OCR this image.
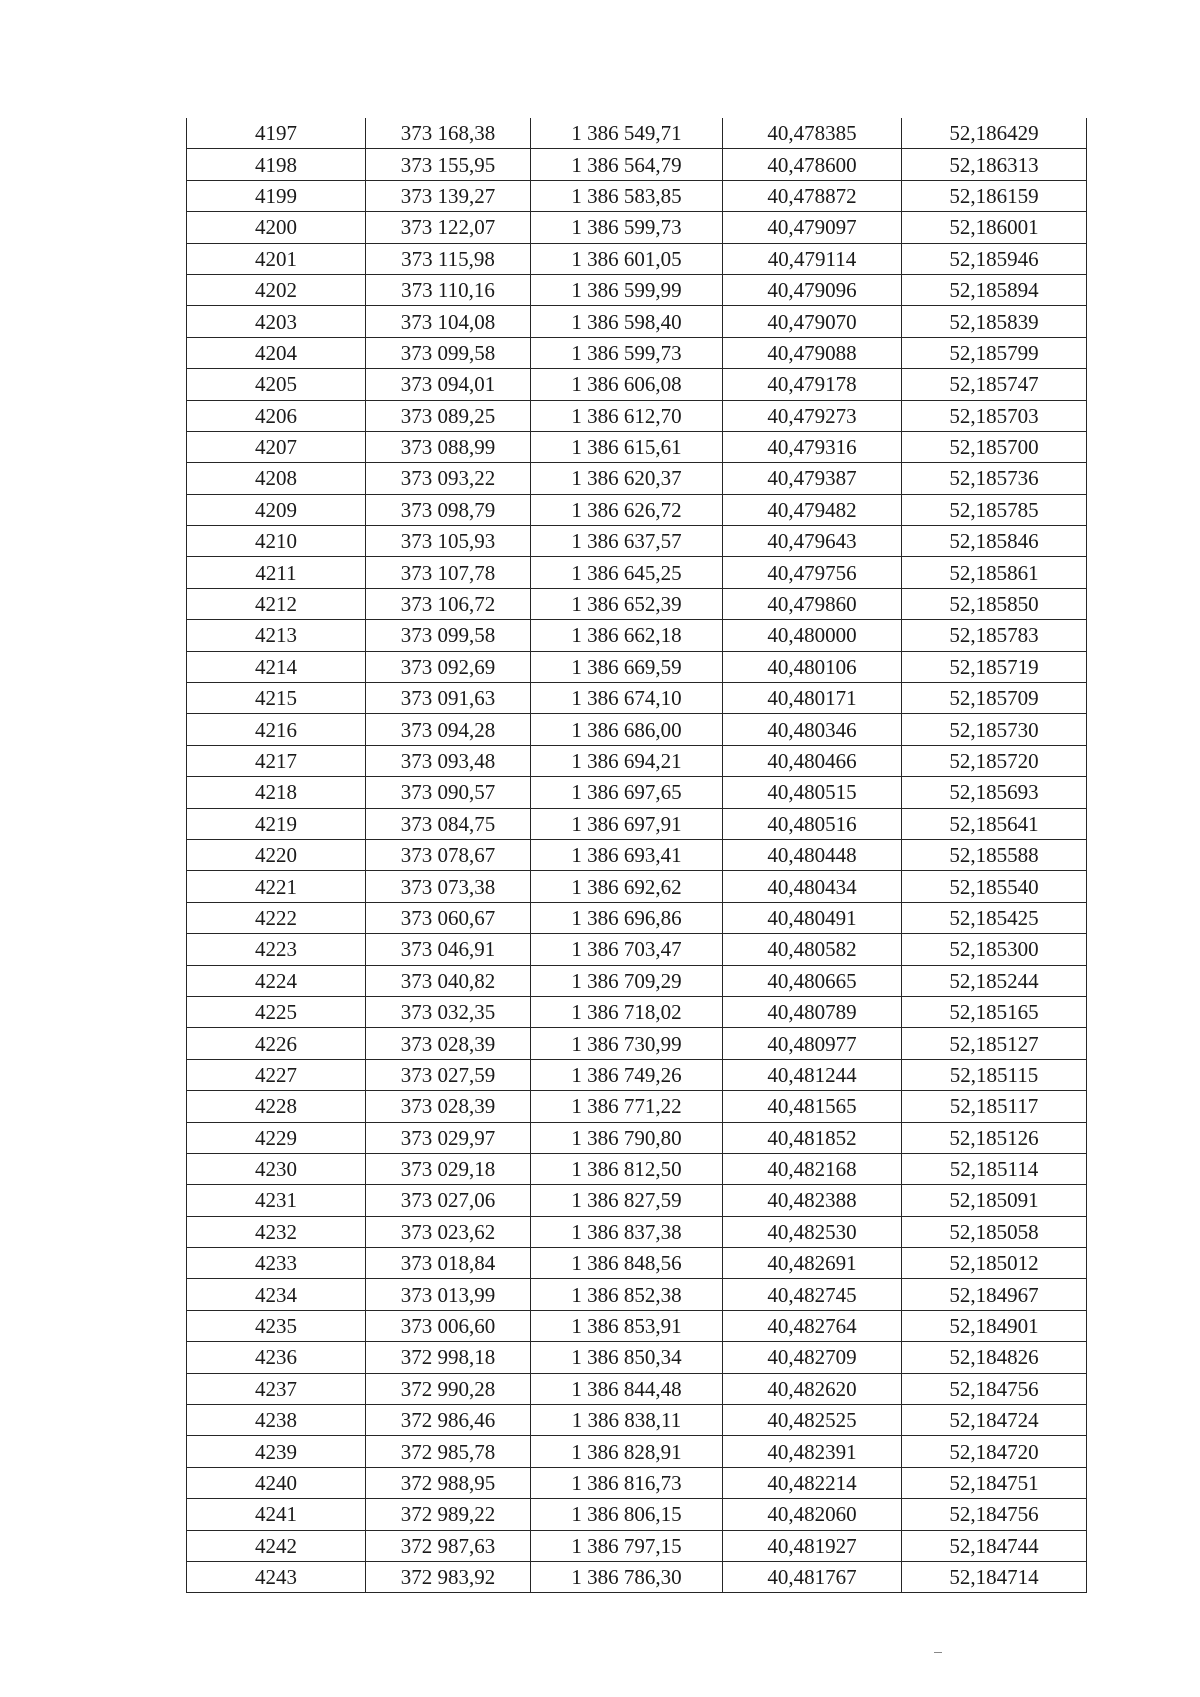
4197	373 168,38	1 386 549,71	40,478385	52,186429
4198	373 155,95	1 386 564,79	40,478600	52,186313
4199	373 139,27	1 386 583,85	40,478872	52,186159
4200	373 122,07	1 386 599,73	40,479097	52,186001
4201	373 115,98	1 386 601,05	40,479114	52,185946
4202	373 110,16	1 386 599,99	40,479096	52,185894
4203	373 104,08	1 386 598,40	40,479070	52,185839
4204	373 099,58	1 386 599,73	40,479088	52,185799
4205	373 094,01	1 386 606,08	40,479178	52,185747
4206	373 089,25	1 386 612,70	40,479273	52,185703
4207	373 088,99	1 386 615,61	40,479316	52,185700
4208	373 093,22	1 386 620,37	40,479387	52,185736
4209	373 098,79	1 386 626,72	40,479482	52,185785
4210	373 105,93	1 386 637,57	40,479643	52,185846
4211	373 107,78	1 386 645,25	40,479756	52,185861
4212	373 106,72	1 386 652,39	40,479860	52,185850
4213	373 099,58	1 386 662,18	40,480000	52,185783
4214	373 092,69	1 386 669,59	40,480106	52,185719
4215	373 091,63	1 386 674,10	40,480171	52,185709
4216	373 094,28	1 386 686,00	40,480346	52,185730
4217	373 093,48	1 386 694,21	40,480466	52,185720
4218	373 090,57	1 386 697,65	40,480515	52,185693
4219	373 084,75	1 386 697,91	40,480516	52,185641
4220	373 078,67	1 386 693,41	40,480448	52,185588
4221	373 073,38	1 386 692,62	40,480434	52,185540
4222	373 060,67	1 386 696,86	40,480491	52,185425
4223	373 046,91	1 386 703,47	40,480582	52,185300
4224	373 040,82	1 386 709,29	40,480665	52,185244
4225	373 032,35	1 386 718,02	40,480789	52,185165
4226	373 028,39	1 386 730,99	40,480977	52,185127
4227	373 027,59	1 386 749,26	40,481244	52,185115
4228	373 028,39	1 386 771,22	40,481565	52,185117
4229	373 029,97	1 386 790,80	40,481852	52,185126
4230	373 029,18	1 386 812,50	40,482168	52,185114
4231	373 027,06	1 386 827,59	40,482388	52,185091
4232	373 023,62	1 386 837,38	40,482530	52,185058
4233	373 018,84	1 386 848,56	40,482691	52,185012
4234	373 013,99	1 386 852,38	40,482745	52,184967
4235	373 006,60	1 386 853,91	40,482764	52,184901
4236	372 998,18	1 386 850,34	40,482709	52,184826
4237	372 990,28	1 386 844,48	40,482620	52,184756
4238	372 986,46	1 386 838,11	40,482525	52,184724
4239	372 985,78	1 386 828,91	40,482391	52,184720
4240	372 988,95	1 386 816,73	40,482214	52,184751
4241	372 989,22	1 386 806,15	40,482060	52,184756
4242	372 987,63	1 386 797,15	40,481927	52,184744
4243	372 983,92	1 386 786,30	40,481767	52,184714
